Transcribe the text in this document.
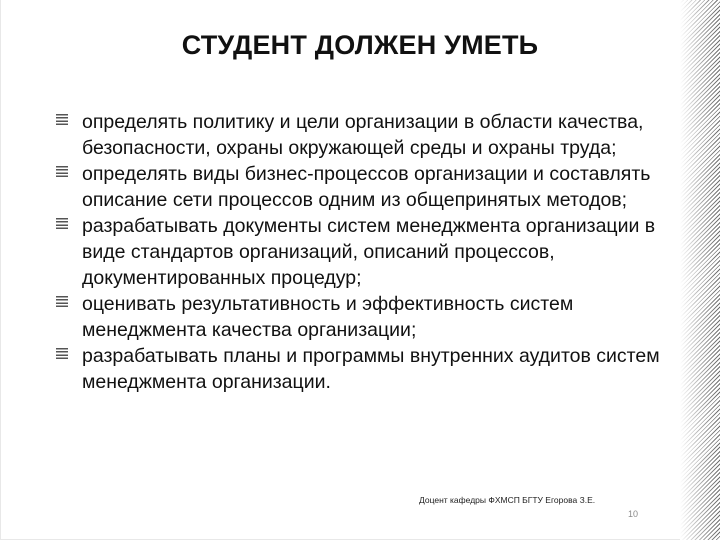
СТУДЕНТ ДОЛЖЕН УМЕТЬ
определять политику и цели организации в области качества, безопасности, охраны окружающей среды и охраны труда;
определять виды бизнес-процессов организации и составлять описание сети процессов одним из общепринятых методов;
разрабатывать документы систем менеджмента организации в виде стандартов организаций, описаний процессов, документированных процедур;
оценивать результативность и эффективность систем менеджмента качества организации;
разрабатывать планы и программы внутренних аудитов систем менеджмента организации.
Доцент кафедры ФХМСП БГТУ Егорова З.Е.
10
